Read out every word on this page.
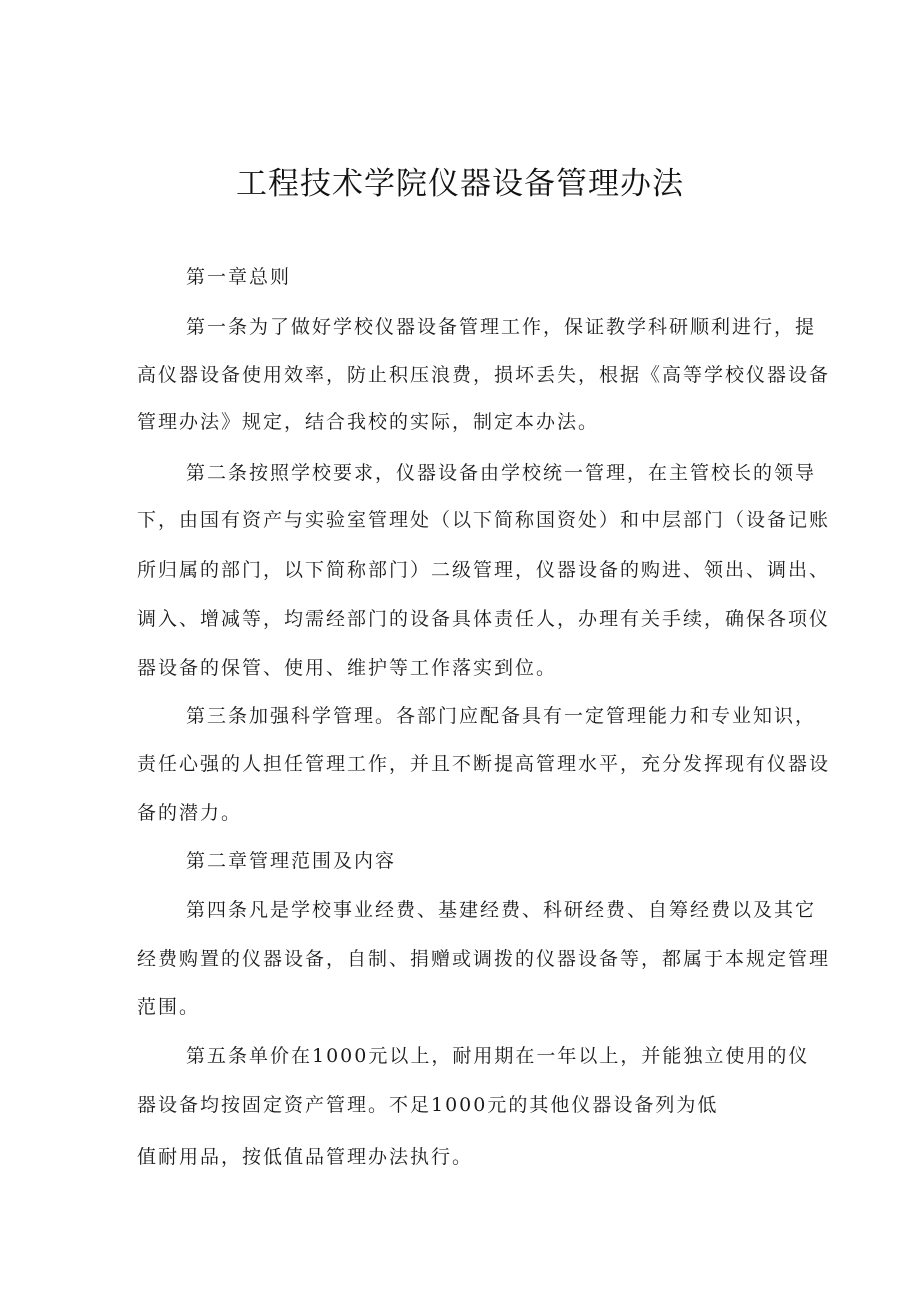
工程技术学院仪器设备管理办法

第一章总则

第一条为了做好学校仪器设备管理工作，保证教学科研顺利进行，提

高仪器设备使用效率，防止积压浪费，损坏丢失，根据《高等学校仪器设备

管理办法》规定，结合我校的实际，制定本办法。

第二条按照学校要求，仪器设备由学校统一管理，在主管校长的领导

下，由国有资产与实验室管理处（以下简称国资处）和中层部门（设备记账

所归属的部门，以下简称部门）二级管理，仪器设备的购进、领出、调出、

调入、增减等，均需经部门的设备具体责任人，办理有关手续，确保各项仪

器设备的保管、使用、维护等工作落实到位。

第三条加强科学管理。各部门应配备具有一定管理能力和专业知识，

责任心强的人担任管理工作，并且不断提高管理水平，充分发挥现有仪器设

备的潜力。

第二章管理范围及内容

第四条凡是学校事业经费、基建经费、科研经费、自筹经费以及其它

经费购置的仪器设备，自制、捐赠或调拨的仪器设备等，都属于本规定管理

范围。

第五条单价在1000元以上，耐用期在一年以上，并能独立使用的仪

器设备均按固定资产管理。不足1000元的其他仪器设备列为低

值耐用品，按低值品管理办法执行。
